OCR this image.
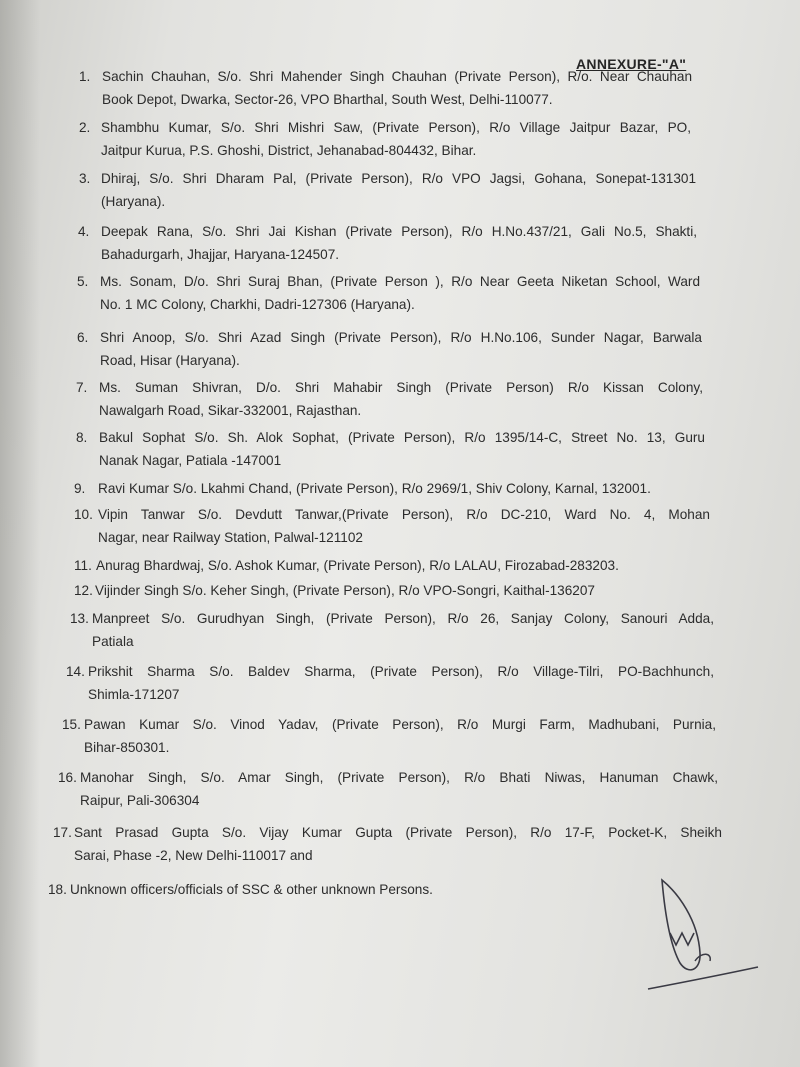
ANNEXURE-"A"
1. Sachin Chauhan, S/o. Shri Mahender Singh Chauhan (Private Person), R/o. Near Chauhan
Book Depot, Dwarka, Sector-26, VPO Bharthal, South West, Delhi-110077.
2. Shambhu Kumar, S/o. Shri Mishri Saw, (Private Person), R/o Village Jaitpur Bazar, PO,
Jaitpur Kurua, P.S. Ghoshi, District, Jehanabad-804432, Bihar.
3. Dhiraj, S/o. Shri Dharam Pal, (Private Person), R/o VPO Jagsi, Gohana, Sonepat-131301
(Haryana).
4. Deepak Rana, S/o. Shri Jai Kishan (Private Person), R/o H.No.437/21, Gali No.5, Shakti,
Bahadurgarh, Jhajjar, Haryana-124507.
5. Ms. Sonam, D/o. Shri Suraj Bhan, (Private Person ), R/o Near Geeta Niketan School, Ward
No. 1 MC Colony, Charkhi, Dadri-127306 (Haryana).
6. Shri Anoop, S/o. Shri Azad Singh (Private Person), R/o H.No.106, Sunder Nagar, Barwala
Road, Hisar (Haryana).
7. Ms. Suman Shivran, D/o. Shri Mahabir Singh (Private Person) R/o Kissan Colony,
Nawalgarh Road, Sikar-332001, Rajasthan.
8. Bakul Sophat S/o. Sh. Alok Sophat, (Private Person), R/o 1395/14-C, Street No. 13, Guru
Nanak Nagar, Patiala -147001
9. Ravi Kumar S/o. Lkahmi Chand, (Private Person), R/o 2969/1, Shiv Colony, Karnal, 132001.
10. Vipin Tanwar S/o. Devdutt Tanwar,(Private Person), R/o DC-210, Ward No. 4, Mohan
Nagar, near Railway Station, Palwal-121102
11. Anurag Bhardwaj, S/o. Ashok Kumar, (Private Person), R/o LALAU, Firozabad-283203.
12. Vijinder Singh S/o. Keher Singh, (Private Person), R/o VPO-Songri, Kaithal-136207
13. Manpreet S/o. Gurudhyan Singh, (Private Person), R/o 26, Sanjay Colony, Sanouri Adda,
Patiala
14. Prikshit Sharma S/o. Baldev Sharma, (Private Person), R/o Village-Tilri, PO-Bachhunch,
Shimla-171207
15. Pawan Kumar S/o. Vinod Yadav, (Private Person), R/o Murgi Farm, Madhubani, Purnia,
Bihar-850301.
16. Manohar Singh, S/o. Amar Singh, (Private Person), R/o Bhati Niwas, Hanuman Chawk,
Raipur, Pali-306304
17. Sant Prasad Gupta S/o. Vijay Kumar Gupta (Private Person), R/o 17-F, Pocket-K, Sheikh
Sarai, Phase -2, New Delhi-110017 and
18. Unknown officers/officials of SSC & other unknown Persons.
